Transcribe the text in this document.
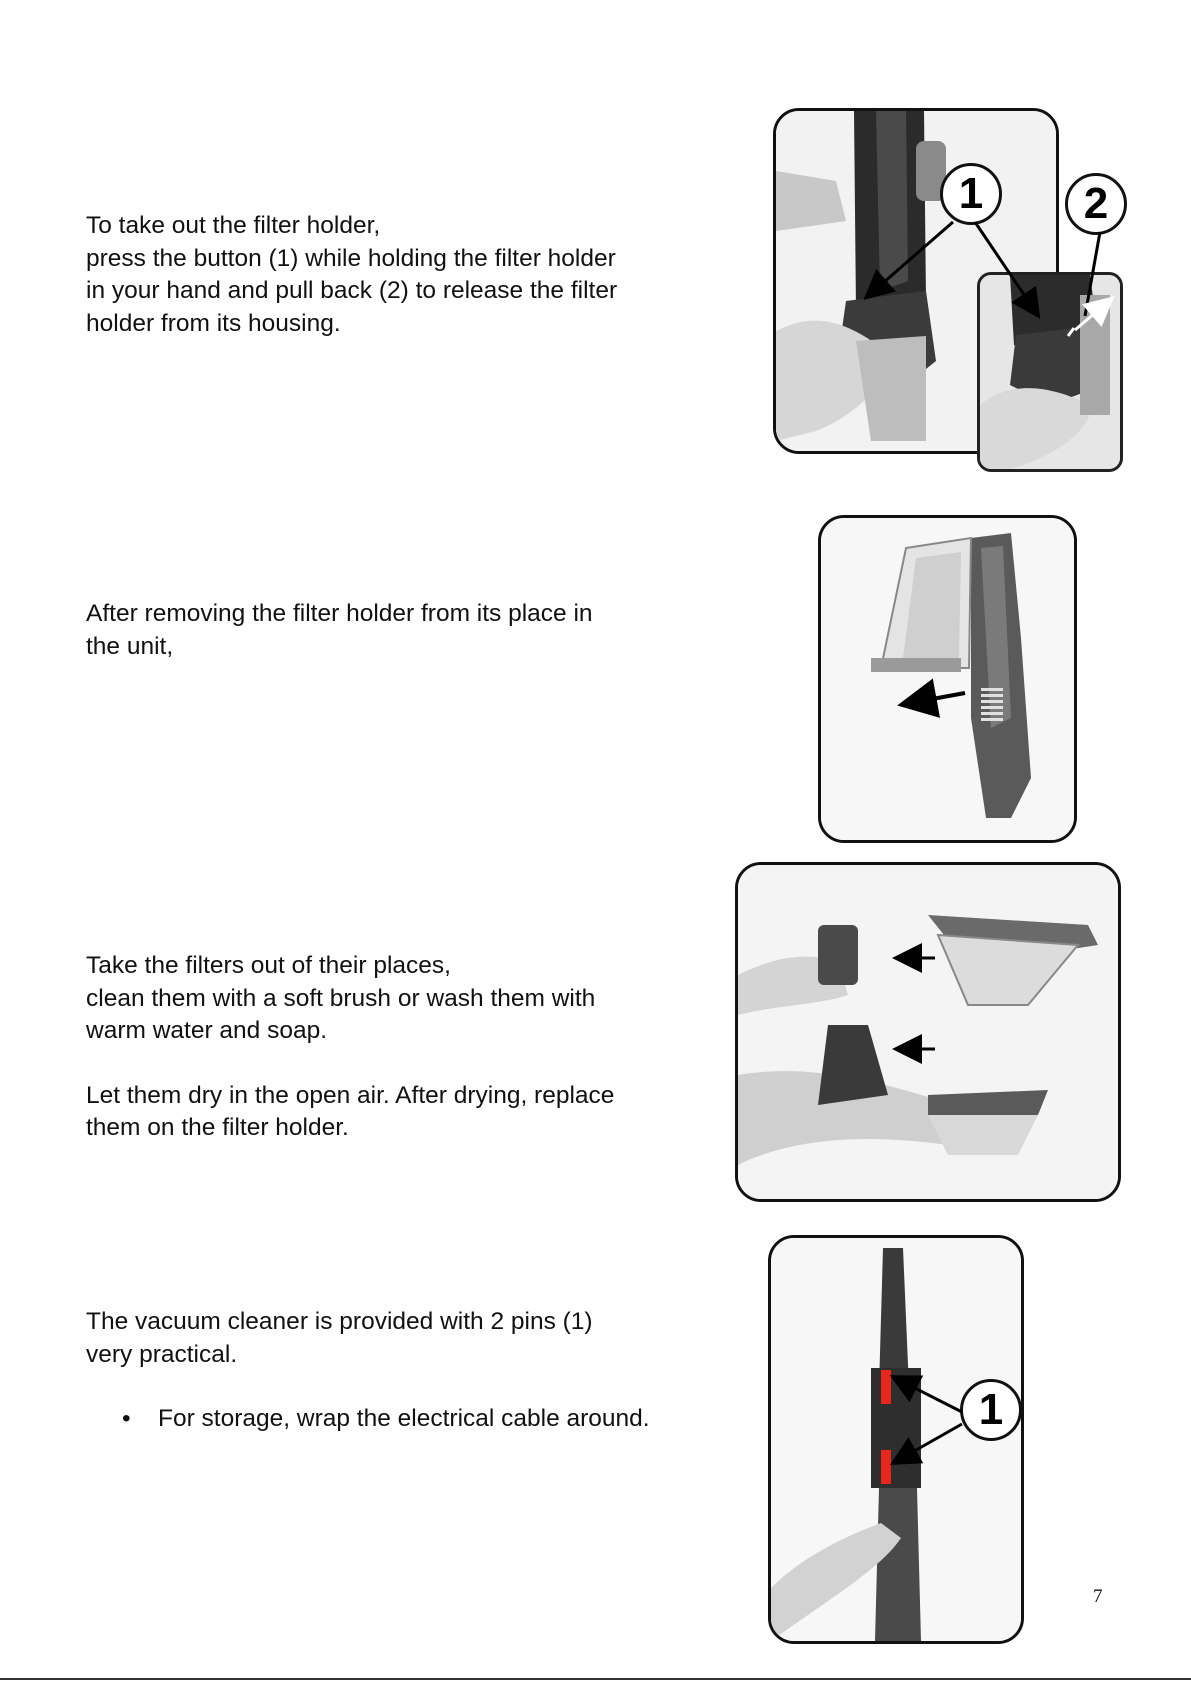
To take out the filter holder,

press the button (1) while holding the filter holder

in your hand and pull back (2) to release the filter

holder from its housing.

1	2

After removing the filter holder from its place in

the unit,

Take the filters out of their places,

clean them with a soft brush or wash them with

warm water and soap.

Let them dry in the open air. After drying, replace

them on the filter holder.

The vacuum cleaner is provided with 2 pins (1)

very practical.

• For storage, wrap the electrical cable around.	1
7
